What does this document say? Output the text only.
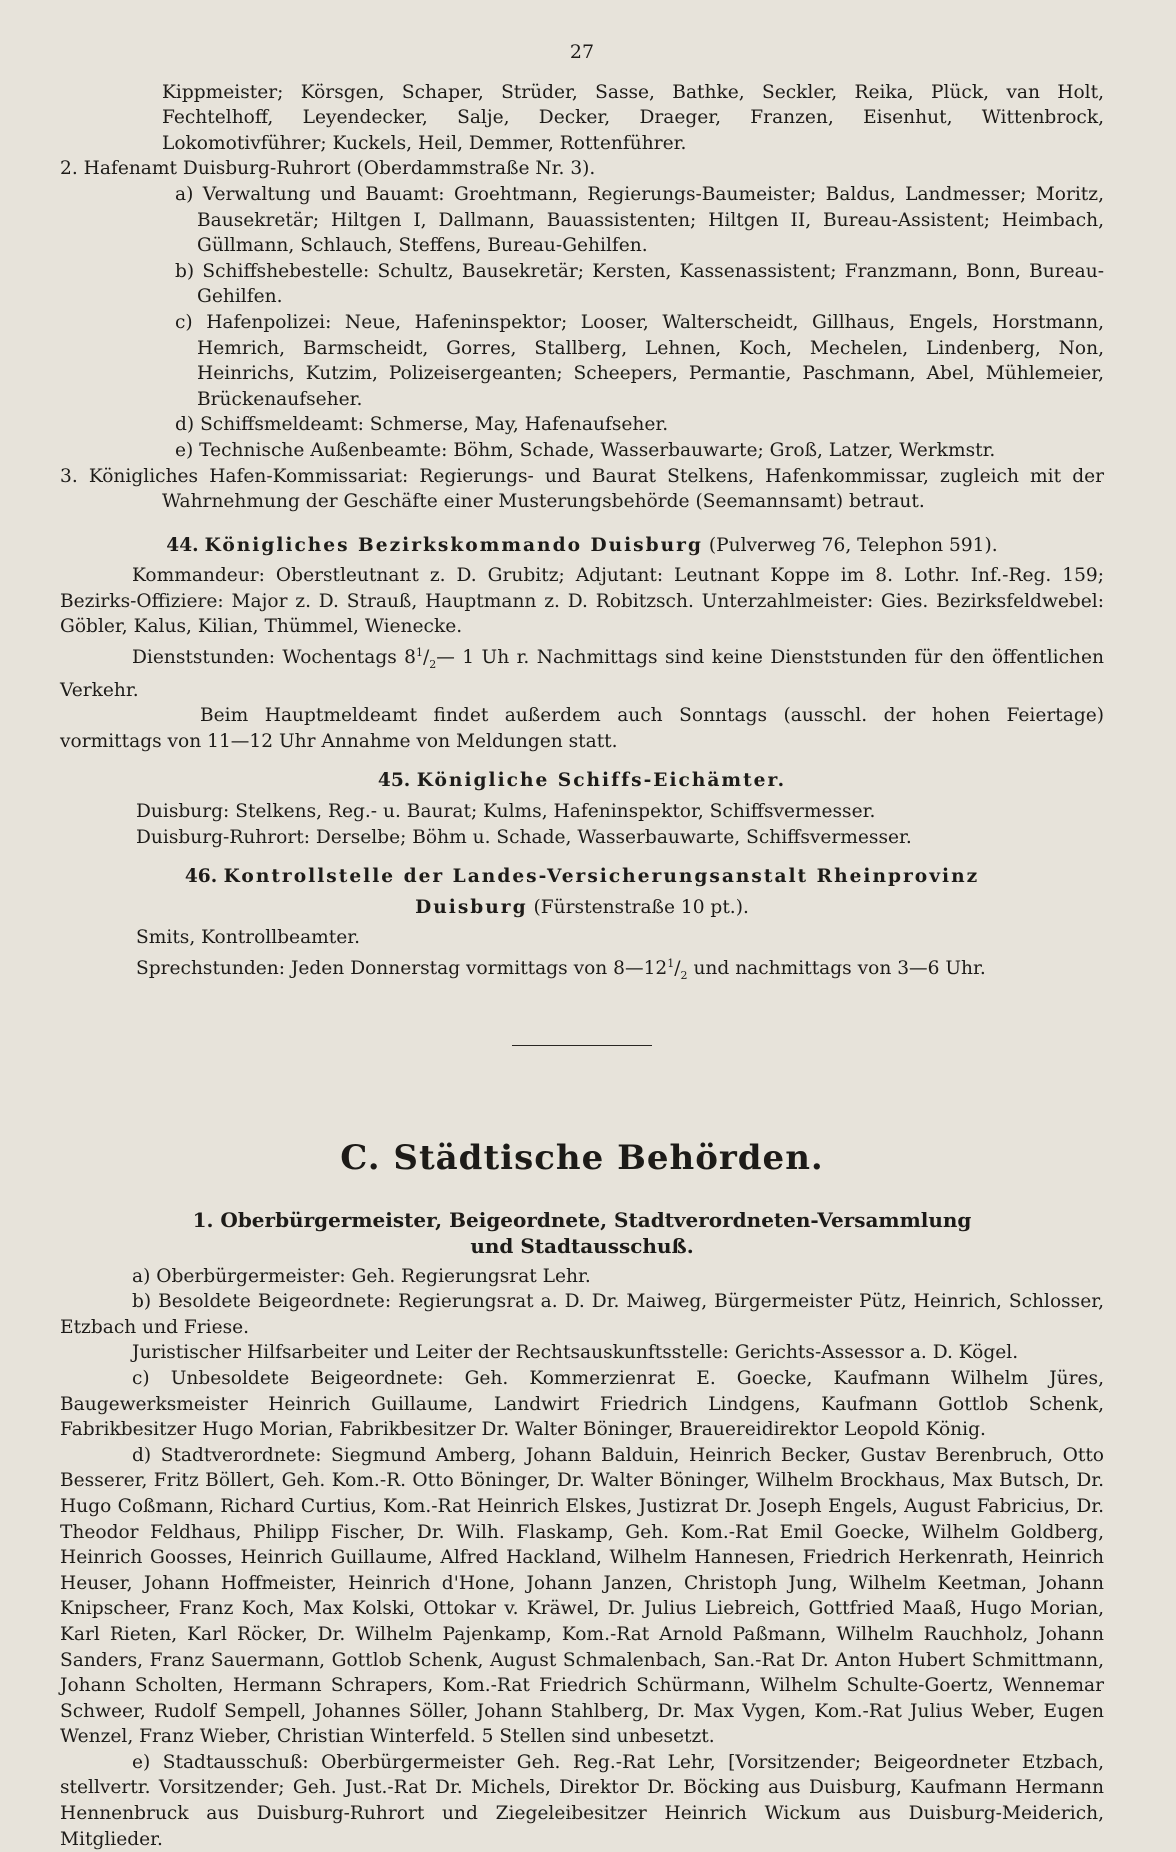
27

Kippmeister; Körsgen, Schaper, Strüder, Sasse, Bathke, Seckler, Reika, Plück, van Holt, Fechtelhoff, Leyendecker, Salje, Decker, Draeger, Franzen, Eisenhut, Wittenbrock, Lokomotivführer; Kuckels, Heil, Demmer, Rottenführer.

2. Hafenamt Duisburg-Ruhrort (Oberdammstraße Nr. 3).

a) Verwaltung und Bauamt: Groehtmann, Regierungs-Baumeister; Baldus, Landmesser; Moritz, Bausekretär; Hiltgen I, Dallmann, Bauassistenten; Hiltgen II, Bureau-Assistent; Heimbach, Güllmann, Schlauch, Steffens, Bureau-Gehilfen.

b) Schiffshebestelle: Schultz, Bausekretär; Kersten, Kassenassistent; Franzmann, Bonn, Bureau-Gehilfen.

c) Hafenpolizei: Neue, Hafeninspektor; Looser, Walterscheidt, Gillhaus, Engels, Horstmann, Hemrich, Barmscheidt, Gorres, Stallberg, Lehnen, Koch, Mechelen, Lindenberg, Non, Heinrichs, Kutzim, Polizeisergeanten; Scheepers, Permantie, Paschmann, Abel, Mühlemeier, Brückenaufseher.

d) Schiffsmeldeamt: Schmerse, May, Hafenaufseher.

e) Technische Außenbeamte: Böhm, Schade, Wasserbauwarte; Groß, Latzer, Werkmstr.

3. Königliches Hafen-Kommissariat: Regierungs- und Baurat Stelkens, Hafenkommissar, zugleich mit der Wahrnehmung der Geschäfte einer Musterungsbehörde (Seemannsamt) betraut.

44. Königliches Bezirkskommando Duisburg (Pulverweg 76, Telephon 591).

Kommandeur: Oberstleutnant z. D. Grubitz; Adjutant: Leutnant Koppe im 8. Lothr. Inf.-Reg. 159; Bezirks-Offiziere: Major z. D. Strauß, Hauptmann z. D. Robitzsch. Unterzahlmeister: Gies. Bezirksfeldwebel: Göbler, Kalus, Kilian, Thümmel, Wienecke.

Dienststunden: Wochentags $8^1/_2—$ 1 Uh r. Nachmittags sind keine Dienststunden für den öffentlichen Verkehr.

Beim Hauptmeldeamt findet außerdem auch Sonntags (ausschl. der hohen Feiertage) vormittags von 11—12 Uhr Annahme von Meldungen statt.

45. Königliche Schiffs-Eichämter.

Duisburg: Stelkens, Reg.- u. Baurat; Kulms, Hafeninspektor, Schiffsvermesser.

Duisburg-Ruhrort: Derselbe; Böhm u. Schade, Wasserbauwarte, Schiffsvermesser.

46. Kontrollstelle der Landes-Versicherungsanstalt Rheinprovinz

Duisburg (Fürstenstraße 10 pt.).

Smits, Kontrollbeamter.

Sprechstunden: Jeden Donnerstag vormittags von $8—12^1/_2$ und nachmittags von 3—6 Uhr.

C. Städtische Behörden.

1. Oberbürgermeister, Beigeordnete, Stadtverordneten-Versammlung

und Stadtausschuß.

a) Oberbürgermeister: Geh. Regierungsrat Lehr.

b) Besoldete Beigeordnete: Regierungsrat a. D. Dr. Maiweg, Bürgermeister Pütz, Heinrich, Schlosser, Etzbach und Friese.

Juristischer Hilfsarbeiter und Leiter der Rechtsauskunftsstelle: Gerichts-Assessor a. D. Kögel.

c) Unbesoldete Beigeordnete: Geh. Kommerzienrat E. Goecke, Kaufmann Wilhelm Jüres, Baugewerksmeister Heinrich Guillaume, Landwirt Friedrich Lindgens, Kaufmann Gottlob Schenk, Fabrikbesitzer Hugo Morian, Fabrikbesitzer Dr. Walter Böninger, Brauereidirektor Leopold König.

d) Stadtverordnete: Siegmund Amberg, Johann Balduin, Heinrich Becker, Gustav Berenbruch, Otto Besserer, Fritz Böllert, Geh. Kom.-R. Otto Böninger, Dr. Walter Böninger, Wilhelm Brockhaus, Max Butsch, Dr. Hugo Coßmann, Richard Curtius, Kom.-Rat Heinrich Elskes, Justizrat Dr. Joseph Engels, August Fabricius, Dr. Theodor Feldhaus, Philipp Fischer, Dr. Wilh. Flaskamp, Geh. Kom.-Rat Emil Goecke, Wilhelm Goldberg, Heinrich Goosses, Heinrich Guillaume, Alfred Hackland, Wilhelm Hannesen, Friedrich Herkenrath, Heinrich Heuser, Johann Hoffmeister, Heinrich d'Hone, Johann Janzen, Christoph Jung, Wilhelm Keetman, Johann Knipscheer, Franz Koch, Max Kolski, Ottokar v. Kräwel, Dr. Julius Liebreich, Gottfried Maaß, Hugo Morian, Karl Rieten, Karl Röcker, Dr. Wilhelm Pajenkamp, Kom.-Rat Arnold Paßmann, Wilhelm Rauchholz, Johann Sanders, Franz Sauermann, Gottlob Schenk, August Schmalenbach, San.-Rat Dr. Anton Hubert Schmittmann, Johann Scholten, Hermann Schrapers, Kom.-Rat Friedrich Schürmann, Wilhelm Schulte-Goertz, Wennemar Schweer, Rudolf Sempell, Johannes Söller, Johann Stahlberg, Dr. Max Vygen, Kom.-Rat Julius Weber, Eugen Wenzel, Franz Wieber, Christian Winterfeld. 5 Stellen sind unbesetzt.

e) Stadtausschuß: Oberbürgermeister Geh. Reg.-Rat Lehr, [Vorsitzender; Beigeordneter Etzbach, stellvertr. Vorsitzender; Geh. Just.-Rat Dr. Michels, Direktor Dr. Böcking aus Duisburg, Kaufmann Hermann Hennenbruck aus Duisburg-Ruhrort und Ziegeleibesitzer Heinrich Wickum aus Duisburg-Meiderich, Mitglieder.
